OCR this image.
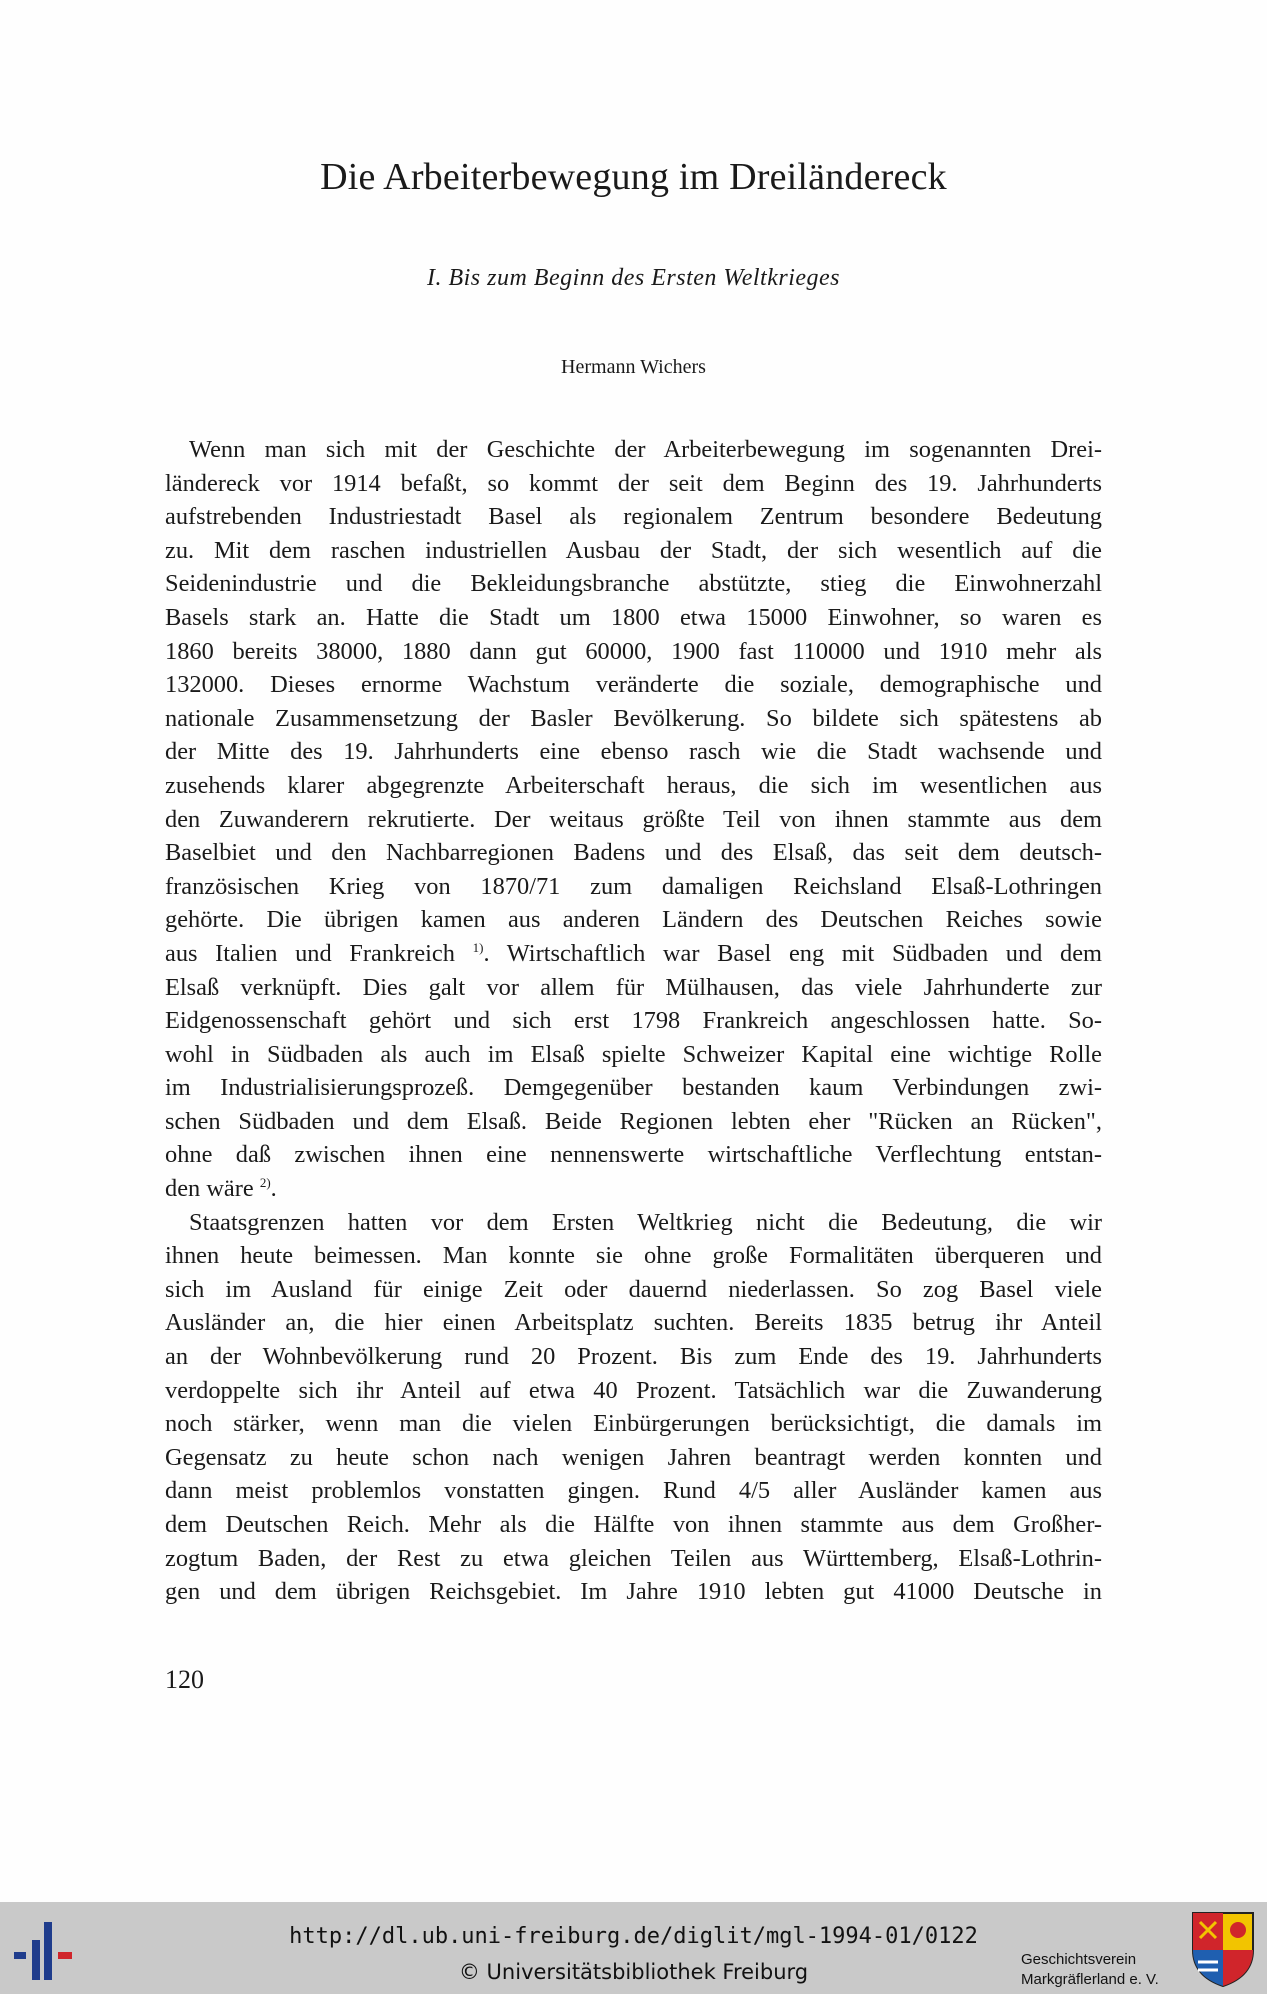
Die Arbeiterbewegung im Dreiländereck
I. Bis zum Beginn des Ersten Weltkrieges
Hermann Wichers
Wenn man sich mit der Geschichte der Arbeiterbewegung im sogenannten Drei-
ländereck vor 1914 befaßt, so kommt der seit dem Beginn des 19. Jahrhunderts
aufstrebenden Industriestadt Basel als regionalem Zentrum besondere Bedeutung
zu. Mit dem raschen industriellen Ausbau der Stadt, der sich wesentlich auf die
Seidenindustrie und die Bekleidungsbranche abstützte, stieg die Einwohnerzahl
Basels stark an. Hatte die Stadt um 1800 etwa 15000 Einwohner, so waren es
1860 bereits 38000, 1880 dann gut 60000, 1900 fast 110000 und 1910 mehr als
132000. Dieses ernorme Wachstum veränderte die soziale, demographische und
nationale Zusammensetzung der Basler Bevölkerung. So bildete sich spätestens ab
der Mitte des 19. Jahrhunderts eine ebenso rasch wie die Stadt wachsende und
zusehends klarer abgegrenzte Arbeiterschaft heraus, die sich im wesentlichen aus
den Zuwanderern rekrutierte. Der weitaus größte Teil von ihnen stammte aus dem
Baselbiet und den Nachbarregionen Badens und des Elsaß, das seit dem deutsch-
französischen Krieg von 1870/71 zum damaligen Reichsland Elsaß-Lothringen
gehörte. Die übrigen kamen aus anderen Ländern des Deutschen Reiches sowie
aus Italien und Frankreich $^{1)}$. Wirtschaftlich war Basel eng mit Südbaden und dem
Elsaß verknüpft. Dies galt vor allem für Mülhausen, das viele Jahrhunderte zur
Eidgenossenschaft gehört und sich erst 1798 Frankreich angeschlossen hatte. So-
wohl in Südbaden als auch im Elsaß spielte Schweizer Kapital eine wichtige Rolle
im Industrialisierungsprozeß. Demgegenüber bestanden kaum Verbindungen zwi-
schen Südbaden und dem Elsaß. Beide Regionen lebten eher "Rücken an Rücken",
ohne daß zwischen ihnen eine nennenswerte wirtschaftliche Verflechtung entstan-
den wäre $^{2)}$.
Staatsgrenzen hatten vor dem Ersten Weltkrieg nicht die Bedeutung, die wir
ihnen heute beimessen. Man konnte sie ohne große Formalitäten überqueren und
sich im Ausland für einige Zeit oder dauernd niederlassen. So zog Basel viele
Ausländer an, die hier einen Arbeitsplatz suchten. Bereits 1835 betrug ihr Anteil
an der Wohnbevölkerung rund 20 Prozent. Bis zum Ende des 19. Jahrhunderts
verdoppelte sich ihr Anteil auf etwa 40 Prozent. Tatsächlich war die Zuwanderung
noch stärker, wenn man die vielen Einbürgerungen berücksichtigt, die damals im
Gegensatz zu heute schon nach wenigen Jahren beantragt werden konnten und
dann meist problemlos vonstatten gingen. Rund 4/5 aller Ausländer kamen aus
dem Deutschen Reich. Mehr als die Hälfte von ihnen stammte aus dem Großher-
zogtum Baden, der Rest zu etwa gleichen Teilen aus Württemberg, Elsaß-Lothrin-
gen und dem übrigen Reichsgebiet. Im Jahre 1910 lebten gut 41000 Deutsche in
120
http://dl.ub.uni-freiburg.de/diglit/mgl-1994-01/0122
© Universitätsbibliothek Freiburg
Geschichtsverein
Markgräflerland e. V.
